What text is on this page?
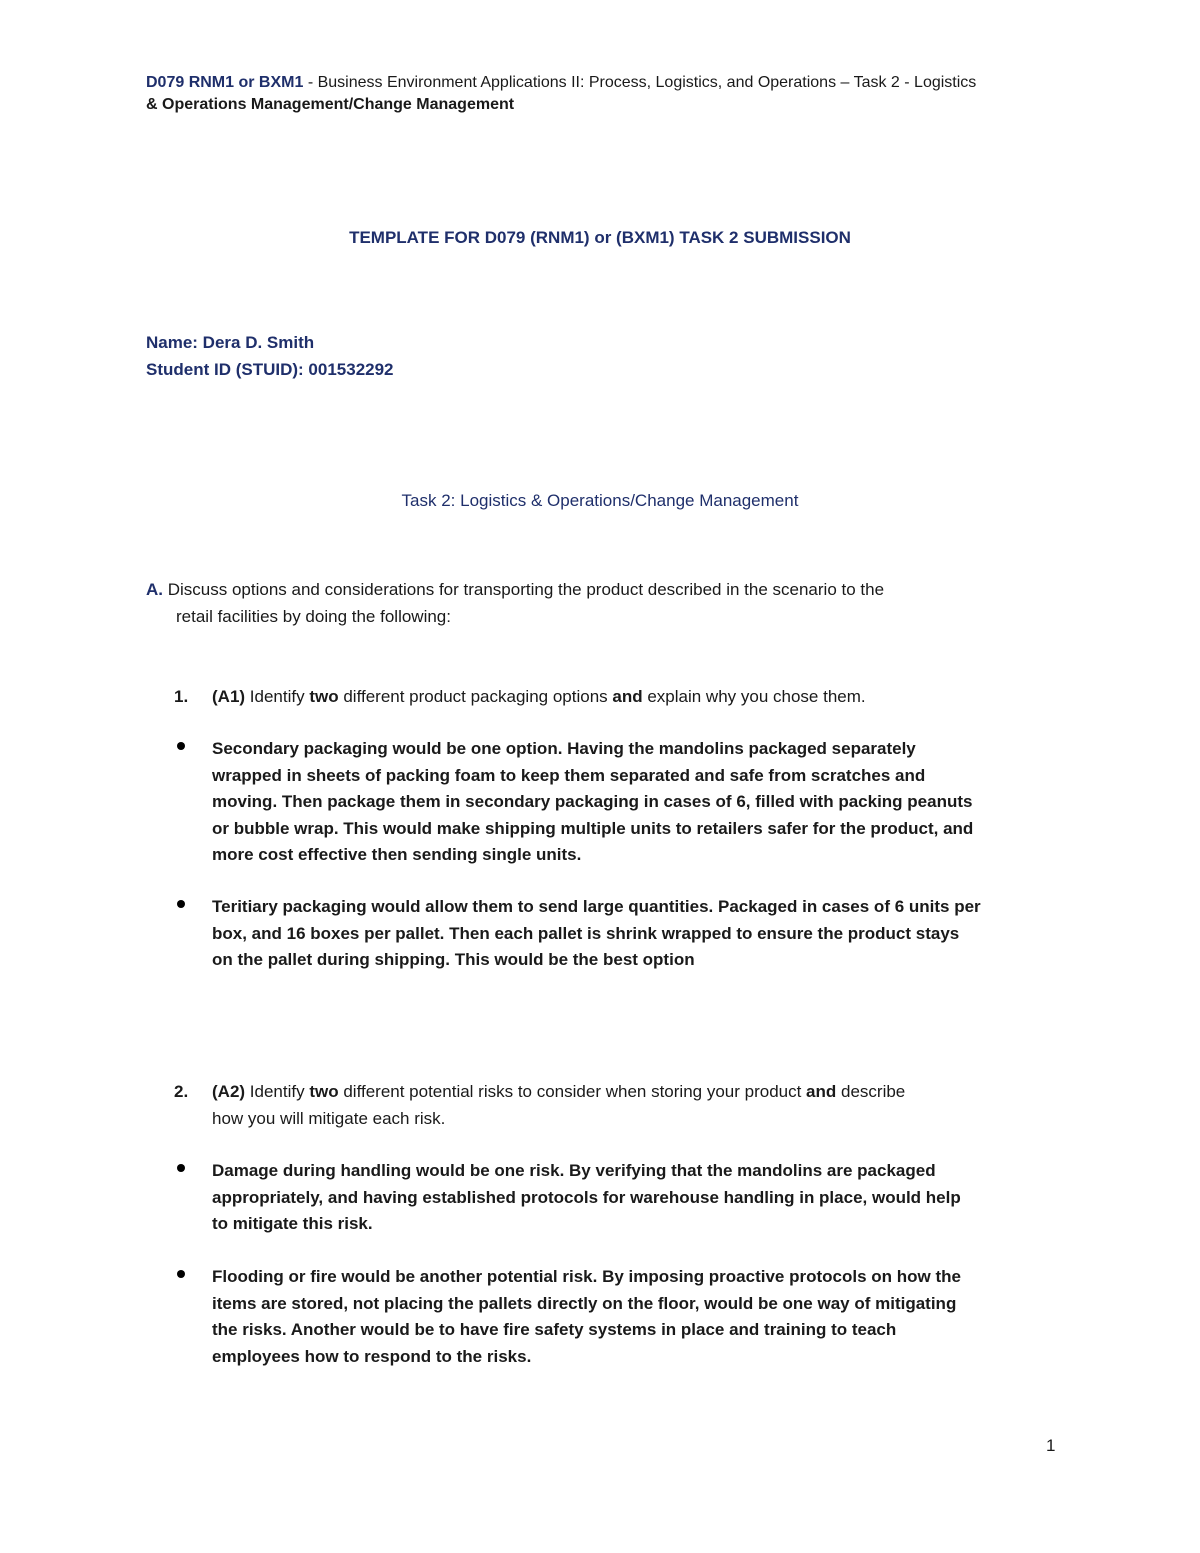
D079 RNM1 or BXM1 - Business Environment Applications II: Process, Logistics, and Operations – Task 2 - Logistics
& Operations Management/Change Management
TEMPLATE FOR D079 (RNM1) or (BXM1) TASK 2 SUBMISSION
Name: Dera D. Smith
Student ID (STUID): 001532292
Task 2: Logistics & Operations/Change Management
A. Discuss options and considerations for transporting the product described in the scenario to the
retail facilities by doing the following:
1. (A1) Identify two different product packaging options and explain why you chose them.
Secondary packaging would be one option. Having the mandolins packaged separately
wrapped in sheets of packing foam to keep them separated and safe from scratches and
moving. Then package them in secondary packaging in cases of 6, filled with packing peanuts
or bubble wrap. This would make shipping multiple units to retailers safer for the product, and
more cost effective then sending single units.
Teritiary packaging would allow them to send large quantities. Packaged in cases of 6 units per
box, and 16 boxes per pallet. Then each pallet is shrink wrapped to ensure the product stays
on the pallet during shipping. This would be the best option
2. (A2) Identify two different potential risks to consider when storing your product and describe
how you will mitigate each risk.
Damage during handling would be one risk. By verifying that the mandolins are packaged
appropriately, and having established protocols for warehouse handling in place, would help
to mitigate this risk.
Flooding or fire would be another potential risk. By imposing proactive protocols on how the
items are stored, not placing the pallets directly on the floor, would be one way of mitigating
the risks. Another would be to have fire safety systems in place and training to teach
employees how to respond to the risks.
1
